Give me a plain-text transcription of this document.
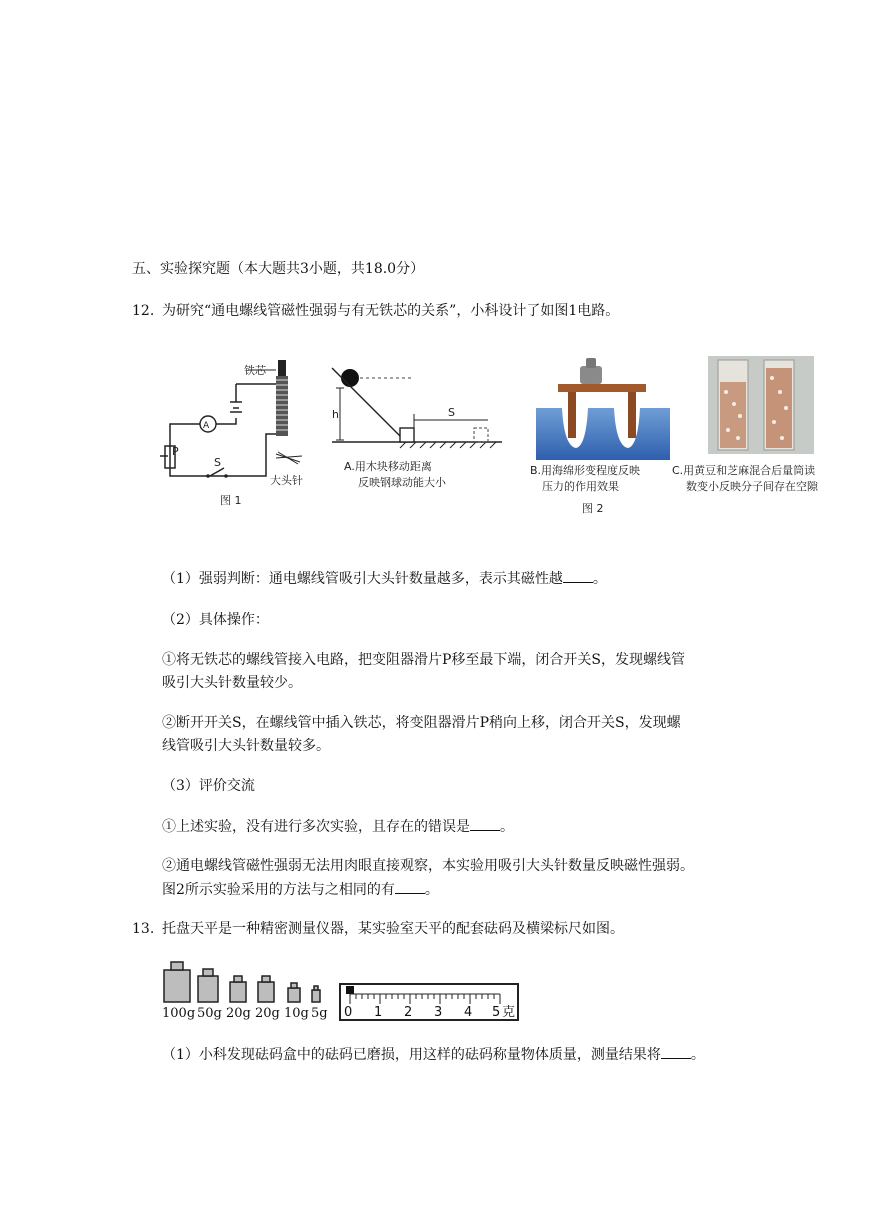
五、实验探究题（本大题共3小题，共18.0分）
12. 为研究“通电螺线管磁性强弱与有无铁芯的关系”，小科设计了如图1电路。
铁芯
A
P
S
大头针
图 1
S
h
A.用木块移动距离
反映钢球动能大小
B.用海绵形变程度反映
压力的作用效果
图 2
C.用黄豆和芝麻混合后量筒读
数变小反映分子间存在空隙
（1）强弱判断：通电螺线管吸引大头针数量越多，表示其磁性越 。
（2）具体操作：
①将无铁芯的螺线管接入电路，把变阻器滑片P移至最下端，闭合开关S，发现螺线管
吸引大头针数量较少。
②断开开关S，在螺线管中插入铁芯，将变阻器滑片P稍向上移，闭合开关S，发现螺
线管吸引大头针数量较多。
（3）评价交流
①上述实验，没有进行多次实验，且存在的错误是 。
②通电螺线管磁性强弱无法用肉眼直接观察，本实验用吸引大头针数量反映磁性强弱。
图2所示实验采用的方法与之相同的有 。
13. 托盘天平是一种精密测量仪器，某实验室天平的配套砝码及横梁标尺如图。
100g 50g 20g 20g 10g 5g 0 1 2 3 4 5 克
（1）小科发现砝码盒中的砝码已磨损，用这样的砝码称量物体质量，测量结果将 。
